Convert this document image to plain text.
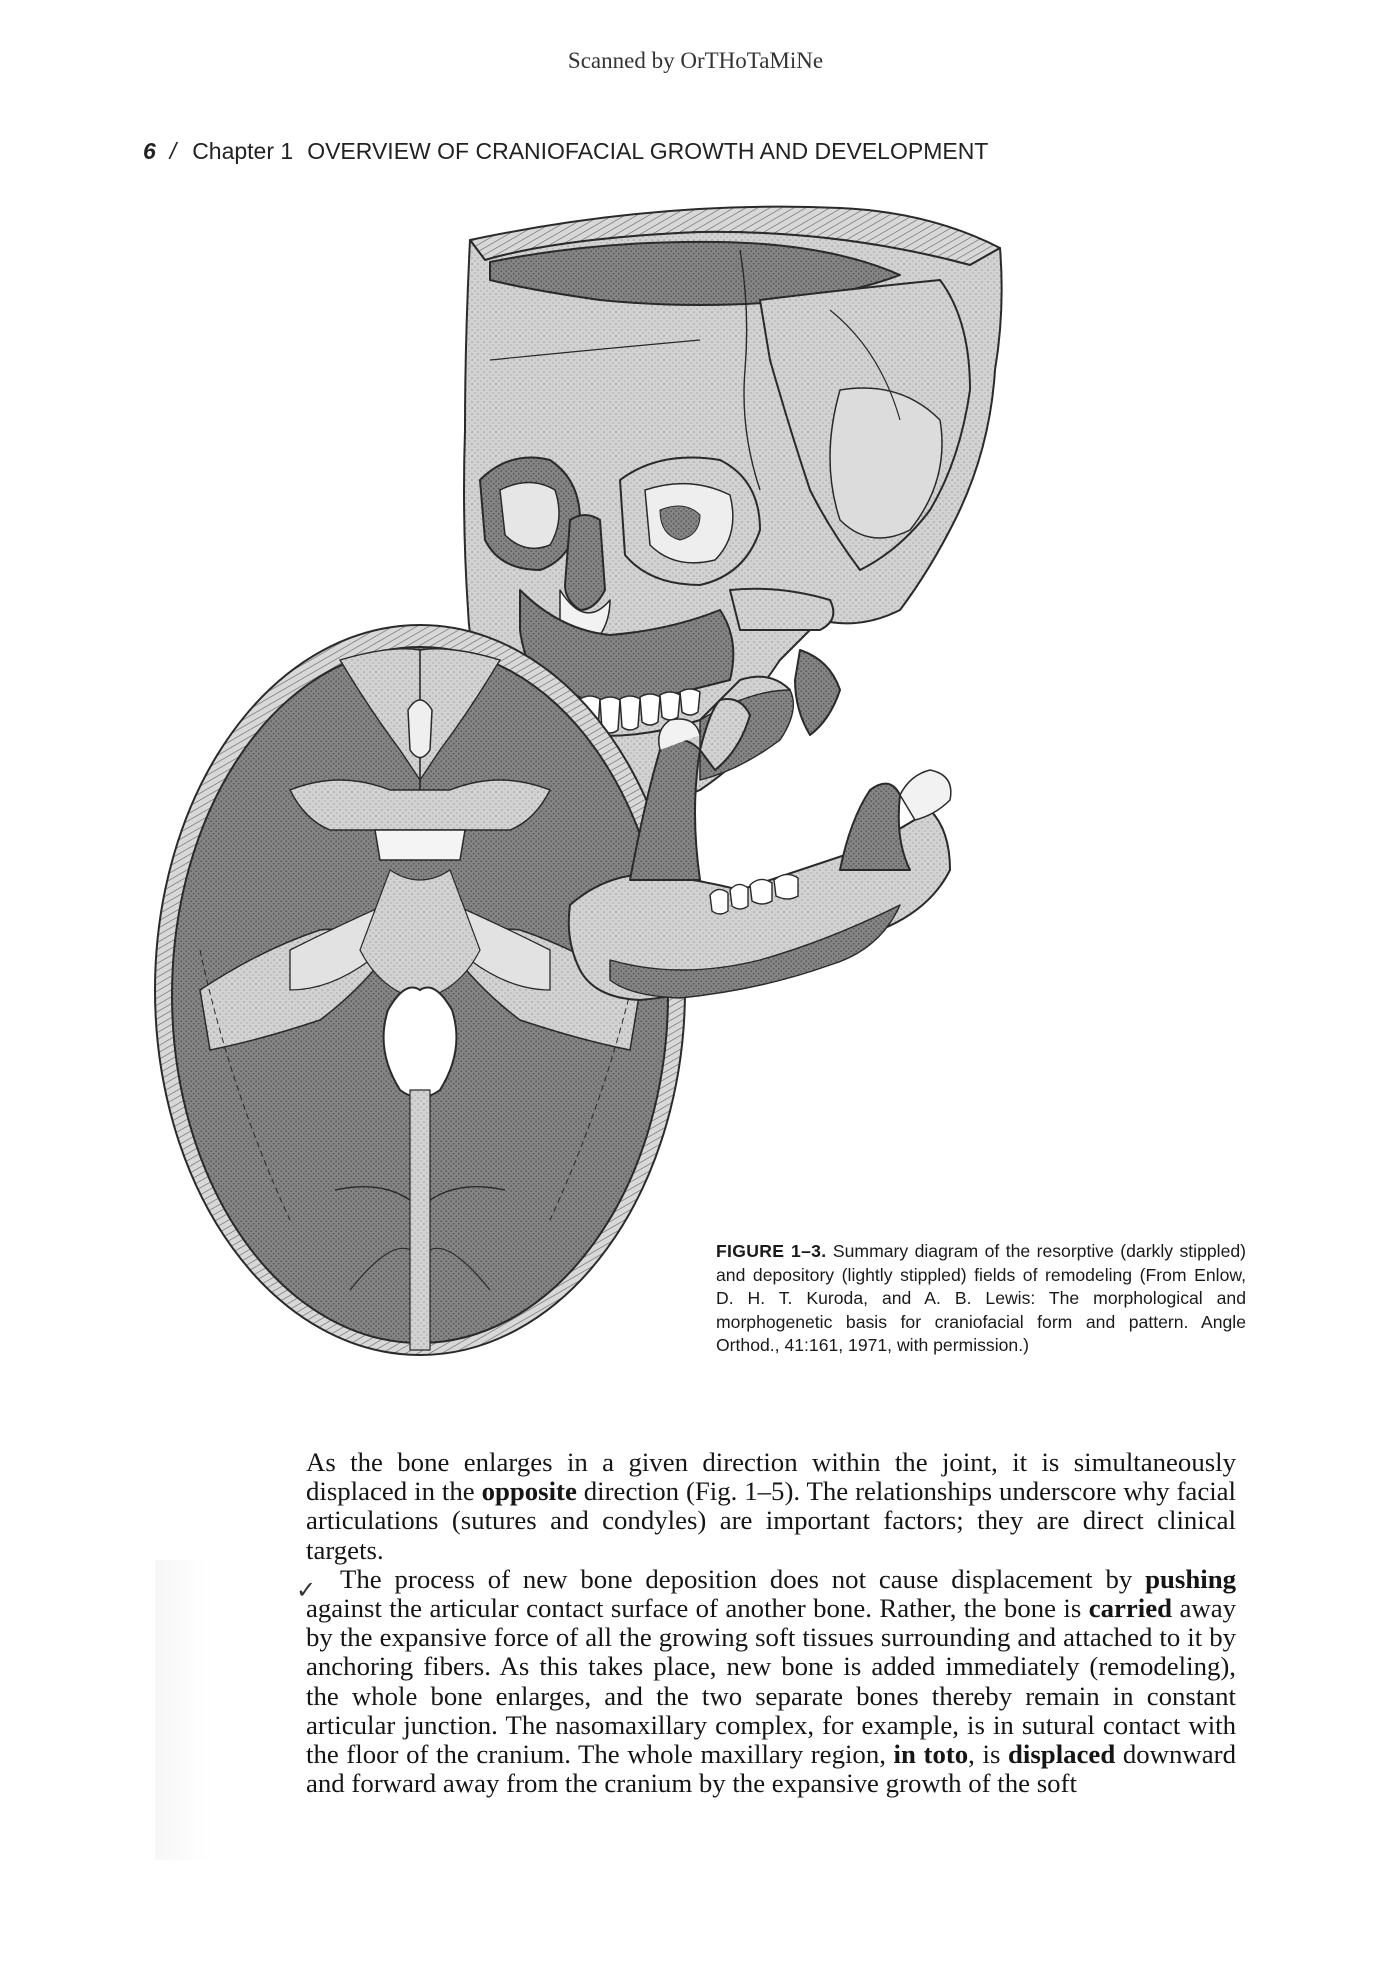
Scanned by OrTHoTaMiNe
6 / Chapter 1 OVERVIEW OF CRANIOFACIAL GROWTH AND DEVELOPMENT
FIGURE 1–3. Summary diagram of the resorptive (darkly stippled) and depository (lightly stippled) fields of remodeling (From Enlow, D. H. T. Kuroda, and A. B. Lewis: The morphological and morphogenetic basis for craniofacial form and pattern. Angle Orthod., 41:161, 1971, with permission.)
✓

As the bone enlarges in a given direction within the joint, it is simultaneously displaced in the opposite direction (Fig. 1–5). The relationships underscore why facial articulations (sutures and condyles) are important factors; they are direct clinical targets.

The process of new bone deposition does not cause displacement by pushing against the articular contact surface of another bone. Rather, the bone is carried away by the expansive force of all the growing soft tissues surrounding and attached to it by anchoring fibers. As this takes place, new bone is added immediately (remodeling), the whole bone enlarges, and the two separate bones thereby remain in constant articular junction. The nasomaxillary complex, for example, is in sutural contact with the floor of the cranium. The whole maxillary region, in toto, is displaced downward and forward away from the cranium by the expansive growth of the soft
